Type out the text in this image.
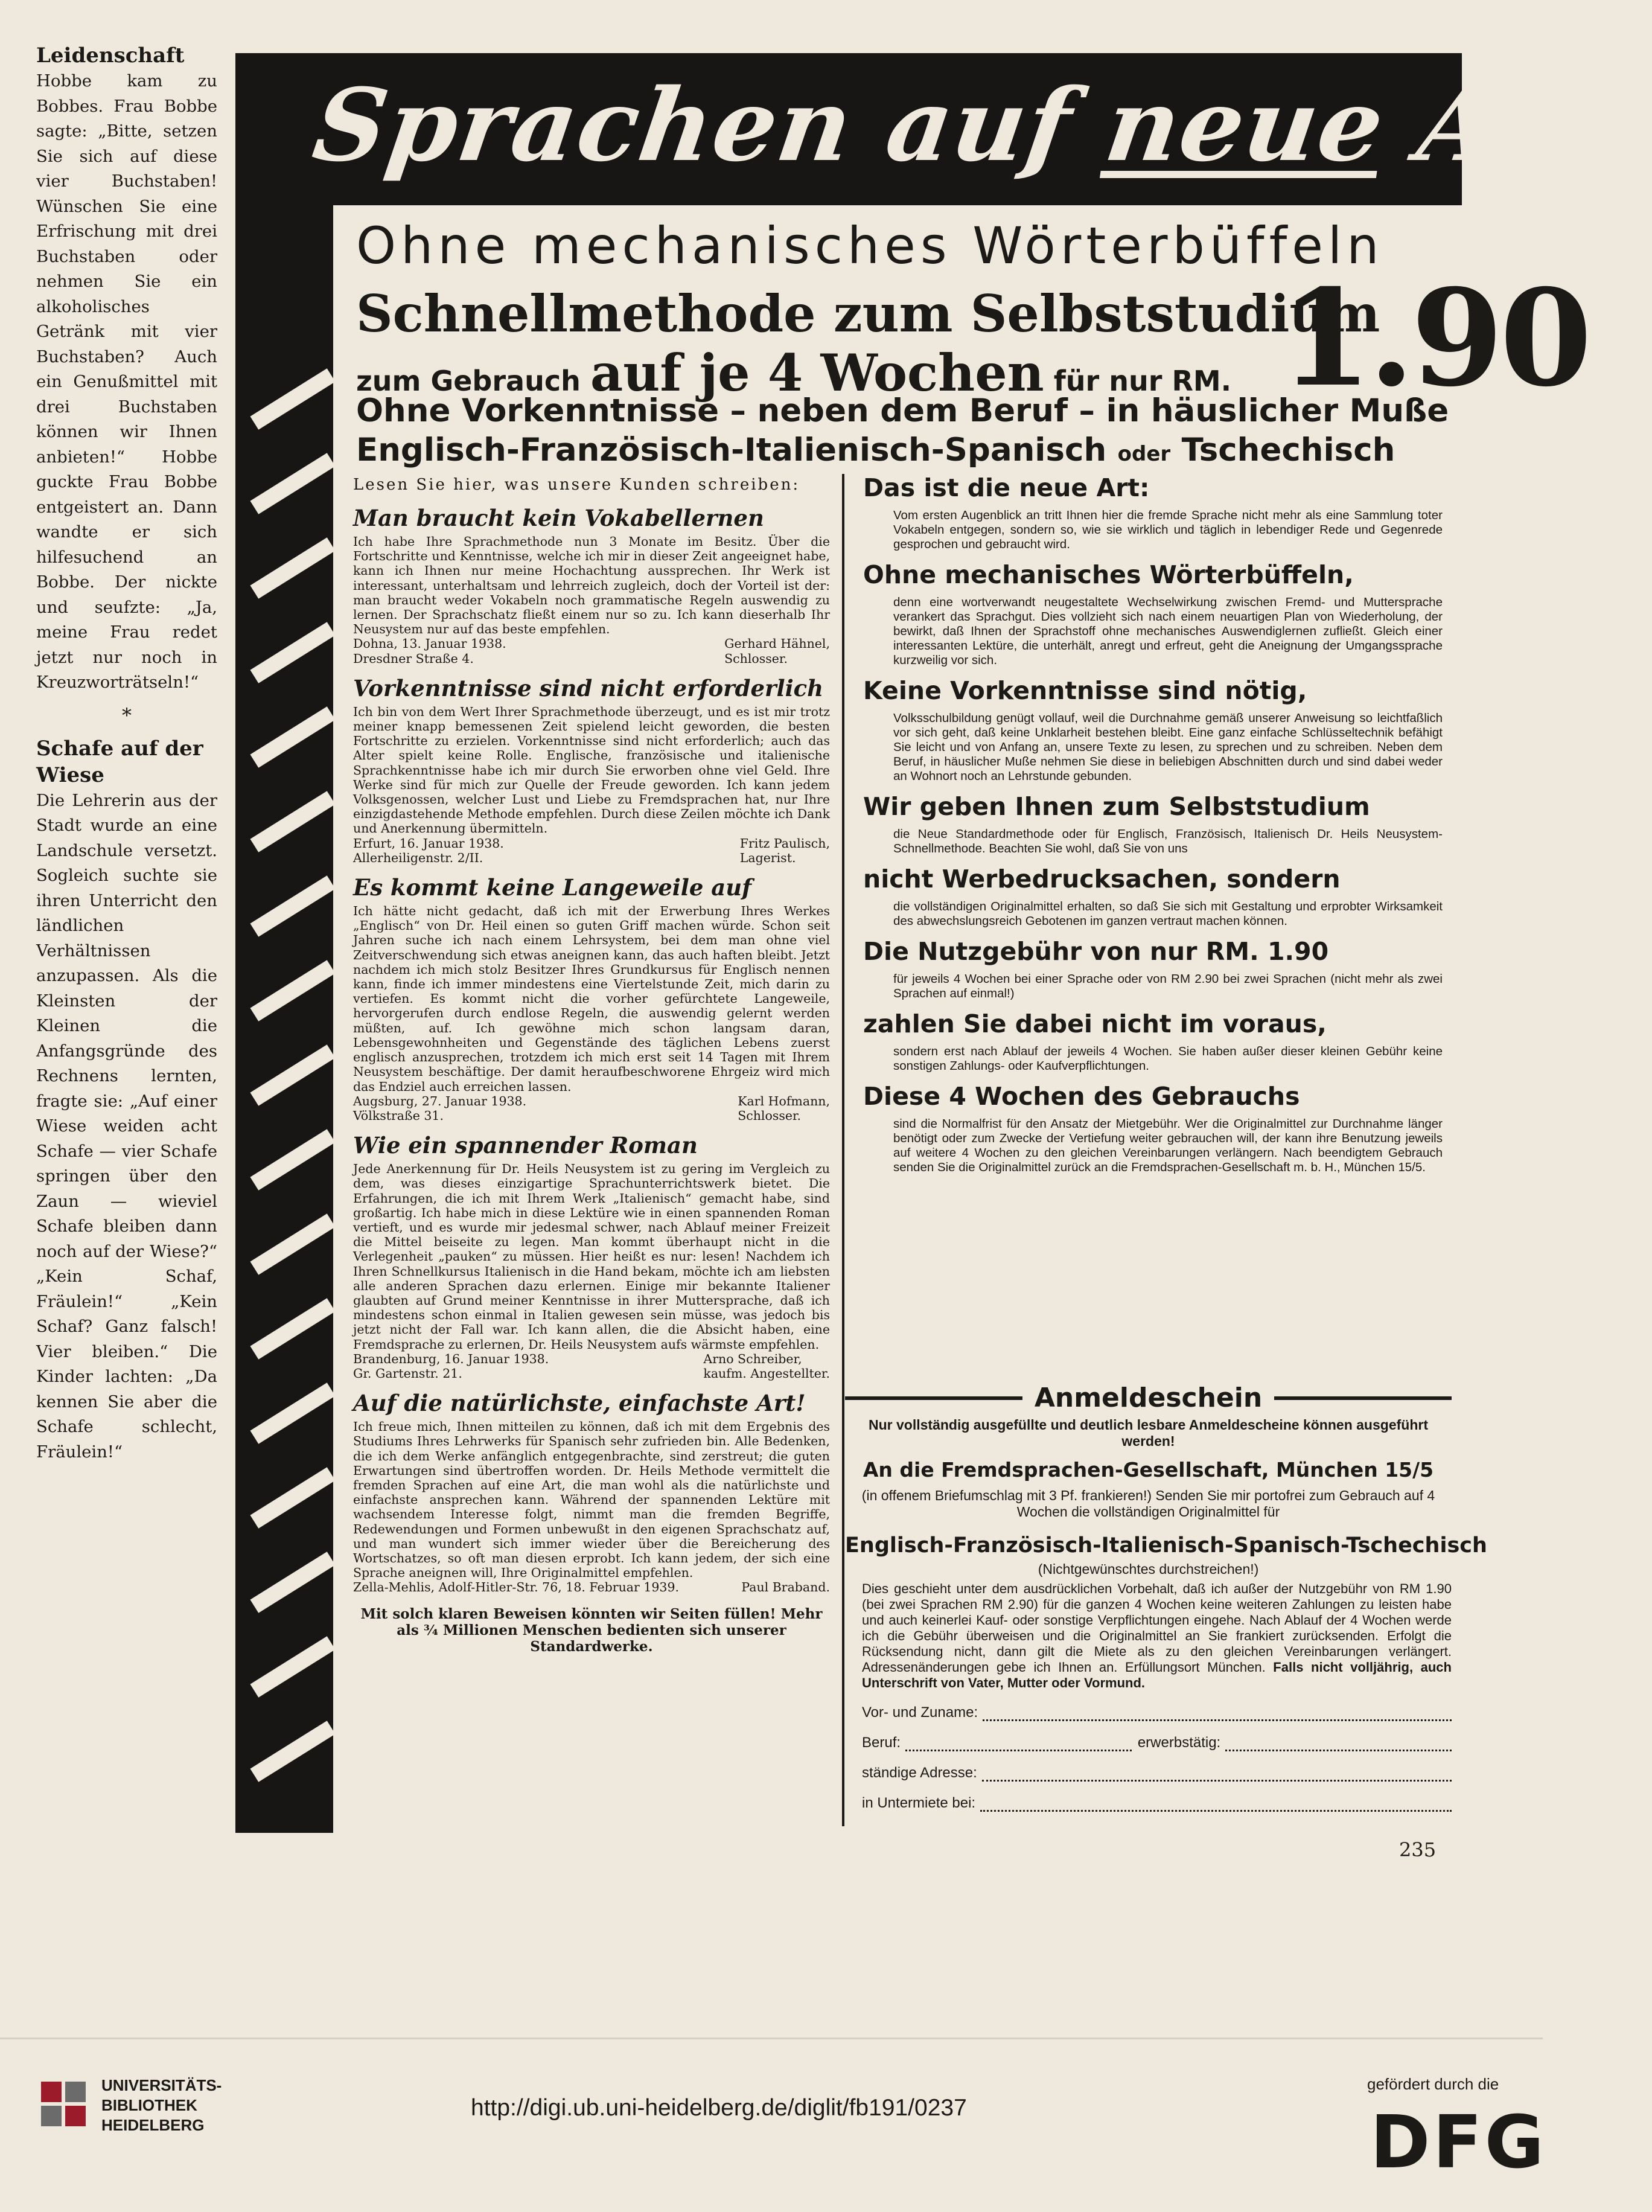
Leidenschaft

Hobbe kam zu Bobbes. Frau Bobbe sagte: „Bitte, setzen Sie sich auf diese vier Buchstaben! Wünschen Sie eine Erfrischung mit drei Buchstaben oder nehmen Sie ein alkoholisches Getränk mit vier Buchstaben? Auch ein Genußmittel mit drei Buchstaben können wir Ihnen anbieten!“ Hobbe guckte Frau Bobbe entgeistert an. Dann wandte er sich hilfesuchend an Bobbe. Der nickte und seufzte: „Ja, meine Frau redet jetzt nur noch in Kreuzworträtseln!“

*
Schafe auf der Wiese

Die Lehrerin aus der Stadt wurde an eine Landschule versetzt. Sogleich suchte sie ihren Unterricht den ländlichen Verhältnissen anzupassen. Als die Kleinsten der Kleinen die Anfangsgründe des Rechnens lernten, fragte sie: „Auf einer Wiese weiden acht Schafe — vier Schafe springen über den Zaun — wieviel Schafe bleiben dann noch auf der Wiese?“ „Kein Schaf, Fräulein!“ „Kein Schaf? Ganz falsch! Vier bleiben.“ Die Kinder lachten: „Da kennen Sie aber die Schafe schlecht, Fräulein!“

Sprachen auf neue Art!
Ohne mechanisches Wörterbüffeln
Schnellmethode zum Selbststudium
zum Gebrauch auf je 4 Wochen für nur RM. 1.90
Ohne Vorkenntnisse – neben dem Beruf – in häuslicher Muße
Englisch-Französisch-Italienisch-Spanisch oder Tschechisch
Lesen Sie hier, was unsere Kunden schreiben:
Man braucht kein Vokabellernen

Ich habe Ihre Sprachmethode nun 3 Monate im Besitz. Über die Fortschritte und Kenntnisse, welche ich mir in dieser Zeit angeeignet habe, kann ich Ihnen nur meine Hochachtung aussprechen. Ihr Werk ist interessant, unterhaltsam und lehrreich zugleich, doch der Vorteil ist der: man braucht weder Vokabeln noch grammatische Regeln auswendig zu lernen. Der Sprachschatz fließt einem nur so zu. Ich kann dieserhalb Ihr Neusystem nur auf das beste empfehlen.

Dohna, 13. Januar 1938.
Dresdner Straße 4.
Gerhard Hähnel,
Schlosser.
Vorkenntnisse sind nicht erforderlich

Ich bin von dem Wert Ihrer Sprachmethode überzeugt, und es ist mir trotz meiner knapp bemessenen Zeit spielend leicht geworden, die besten Fortschritte zu erzielen. Vorkenntnisse sind nicht erforderlich; auch das Alter spielt keine Rolle. Englische, französische und italienische Sprachkenntnisse habe ich mir durch Sie erworben ohne viel Geld. Ihre Werke sind für mich zur Quelle der Freude geworden. Ich kann jedem Volksgenossen, welcher Lust und Liebe zu Fremdsprachen hat, nur Ihre einzigdastehende Methode empfehlen. Durch diese Zeilen möchte ich Dank und Anerkennung übermitteln.

Erfurt, 16. Januar 1938.
Allerheiligenstr. 2/II.
Fritz Paulisch,
Lagerist.
Es kommt keine Langeweile auf

Ich hätte nicht gedacht, daß ich mit der Erwerbung Ihres Werkes „Englisch“ von Dr. Heil einen so guten Griff machen würde. Schon seit Jahren suche ich nach einem Lehrsystem, bei dem man ohne viel Zeitverschwendung sich etwas aneignen kann, das auch haften bleibt. Jetzt nachdem ich mich stolz Besitzer Ihres Grundkursus für Englisch nennen kann, finde ich immer mindestens eine Viertelstunde Zeit, mich darin zu vertiefen. Es kommt nicht die vorher gefürchtete Langeweile, hervorgerufen durch endlose Regeln, die auswendig gelernt werden müßten, auf. Ich gewöhne mich schon langsam daran, Lebensgewohnheiten und Gegenstände des täglichen Lebens zuerst englisch anzusprechen, trotzdem ich mich erst seit 14 Tagen mit Ihrem Neusystem beschäftige. Der damit heraufbeschworene Ehrgeiz wird mich das Endziel auch erreichen lassen.

Augsburg, 27. Januar 1938.
Völkstraße 31.
Karl Hofmann,
Schlosser.
Wie ein spannender Roman

Jede Anerkennung für Dr. Heils Neusystem ist zu gering im Vergleich zu dem, was dieses einzigartige Sprachunterrichtswerk bietet. Die Erfahrungen, die ich mit Ihrem Werk „Italienisch“ gemacht habe, sind großartig. Ich habe mich in diese Lektüre wie in einen spannenden Roman vertieft, und es wurde mir jedesmal schwer, nach Ablauf meiner Freizeit die Mittel beiseite zu legen. Man kommt überhaupt nicht in die Verlegenheit „pauken“ zu müssen. Hier heißt es nur: lesen! Nachdem ich Ihren Schnellkursus Italienisch in die Hand bekam, möchte ich am liebsten alle anderen Sprachen dazu erlernen. Einige mir bekannte Italiener glaubten auf Grund meiner Kenntnisse in ihrer Muttersprache, daß ich mindestens schon einmal in Italien gewesen sein müsse, was jedoch bis jetzt nicht der Fall war. Ich kann allen, die die Absicht haben, eine Fremdsprache zu erlernen, Dr. Heils Neusystem aufs wärmste empfehlen.

Brandenburg, 16. Januar 1938.
Gr. Gartenstr. 21.
Arno Schreiber,
kaufm. Angestellter.
Auf die natürlichste, einfachste Art!

Ich freue mich, Ihnen mitteilen zu können, daß ich mit dem Ergebnis des Studiums Ihres Lehrwerks für Spanisch sehr zufrieden bin. Alle Bedenken, die ich dem Werke anfänglich entgegenbrachte, sind zerstreut; die guten Erwartungen sind übertroffen worden. Dr. Heils Methode vermittelt die fremden Sprachen auf eine Art, die man wohl als die natürlichste und einfachste ansprechen kann. Während der spannenden Lektüre mit wachsendem Interesse folgt, nimmt man die fremden Begriffe, Redewendungen und Formen unbewußt in den eigenen Sprachschatz auf, und man wundert sich immer wieder über die Bereicherung des Wortschatzes, so oft man diesen erprobt. Ich kann jedem, der sich eine Sprache aneignen will, Ihre Originalmittel empfehlen.

Zella-Mehlis, Adolf-Hitler-Str. 76, 18. Februar 1939.	Paul Braband.
Mit solch klaren Beweisen könnten wir Seiten füllen! Mehr als ¾ Millionen Menschen bedienten sich unserer Standardwerke.
Das ist die neue Art:

Vom ersten Augenblick an tritt Ihnen hier die fremde Sprache nicht mehr als eine Sammlung toter Vokabeln entgegen, sondern so, wie sie wirklich und täglich in lebendiger Rede und Gegenrede gesprochen und gebraucht wird.

Ohne mechanisches Wörterbüffeln,

denn eine wortverwandt neugestaltete Wechselwirkung zwischen Fremd- und Muttersprache verankert das Sprachgut. Dies vollzieht sich nach einem neuartigen Plan von Wiederholung, der bewirkt, daß Ihnen der Sprachstoff ohne mechanisches Auswendiglernen zufließt. Gleich einer interessanten Lektüre, die unterhält, anregt und erfreut, geht die Aneignung der Umgangssprache kurzweilig vor sich.

Keine Vorkenntnisse sind nötig,

Volksschulbildung genügt vollauf, weil die Durchnahme gemäß unserer Anweisung so leichtfaßlich vor sich geht, daß keine Unklarheit bestehen bleibt. Eine ganz einfache Schlüsseltechnik befähigt Sie leicht und von Anfang an, unsere Texte zu lesen, zu sprechen und zu schreiben. Neben dem Beruf, in häuslicher Muße nehmen Sie diese in beliebigen Abschnitten durch und sind dabei weder an Wohnort noch an Lehrstunde gebunden.

Wir geben Ihnen zum Selbststudium

die Neue Standardmethode oder für Englisch, Französisch, Italienisch Dr. Heils Neusystem-Schnellmethode. Beachten Sie wohl, daß Sie von uns

nicht Werbedrucksachen, sondern

die vollständigen Originalmittel erhalten, so daß Sie sich mit Gestaltung und erprobter Wirksamkeit des abwechslungsreich Gebotenen im ganzen vertraut machen können.

Die Nutzgebühr von nur RM. 1.90

für jeweils 4 Wochen bei einer Sprache oder von RM 2.90 bei zwei Sprachen (nicht mehr als zwei Sprachen auf einmal!)

zahlen Sie dabei nicht im voraus,

sondern erst nach Ablauf der jeweils 4 Wochen. Sie haben außer dieser kleinen Gebühr keine sonstigen Zahlungs- oder Kaufverpflichtungen.

Diese 4 Wochen des Gebrauchs

sind die Normalfrist für den Ansatz der Mietgebühr. Wer die Originalmittel zur Durchnahme länger benötigt oder zum Zwecke der Vertiefung weiter gebrauchen will, der kann ihre Benutzung jeweils auf weitere 4 Wochen zu den gleichen Vereinbarungen verlängern. Nach beendigtem Gebrauch senden Sie die Originalmittel zurück an die Fremdsprachen-Gesellschaft m. b. H., München 15/5.

Anmeldeschein
Nur vollständig ausgefüllte und deutlich lesbare Anmeldescheine können ausgeführt werden!
An die Fremdsprachen-Gesellschaft, München 15/5
(in offenem Briefumschlag mit 3 Pf. frankieren!) Senden Sie mir portofrei zum Gebrauch auf 4 Wochen die vollständigen Originalmittel für
Englisch-Französisch-Italienisch-Spanisch-Tschechisch
(Nichtgewünschtes durchstreichen!)

Dies geschieht unter dem ausdrücklichen Vorbehalt, daß ich außer der Nutzgebühr von RM 1.90 (bei zwei Sprachen RM 2.90) für die ganzen 4 Wochen keine weiteren Zahlungen zu leisten habe und auch keinerlei Kauf- oder sonstige Verpflichtungen eingehe. Nach Ablauf der 4 Wochen werde ich die Gebühr überweisen und die Originalmittel an Sie frankiert zurücksenden. Erfolgt die Rücksendung nicht, dann gilt die Miete als zu den gleichen Vereinbarungen verlängert. Adressenänderungen gebe ich Ihnen an. Erfüllungsort München. Falls nicht volljährig, auch Unterschrift von Vater, Mutter oder Vormund.

Vor- und Zuname:
Beruf:	erwerbstätig:
ständige Adresse:
in Untermiete bei:
235
UNIVERSITÄTS-
BIBLIOTHEK
HEIDELBERG
http://digi.ub.uni-heidelberg.de/diglit/fb191/0237
gefördert durch die
DFG
